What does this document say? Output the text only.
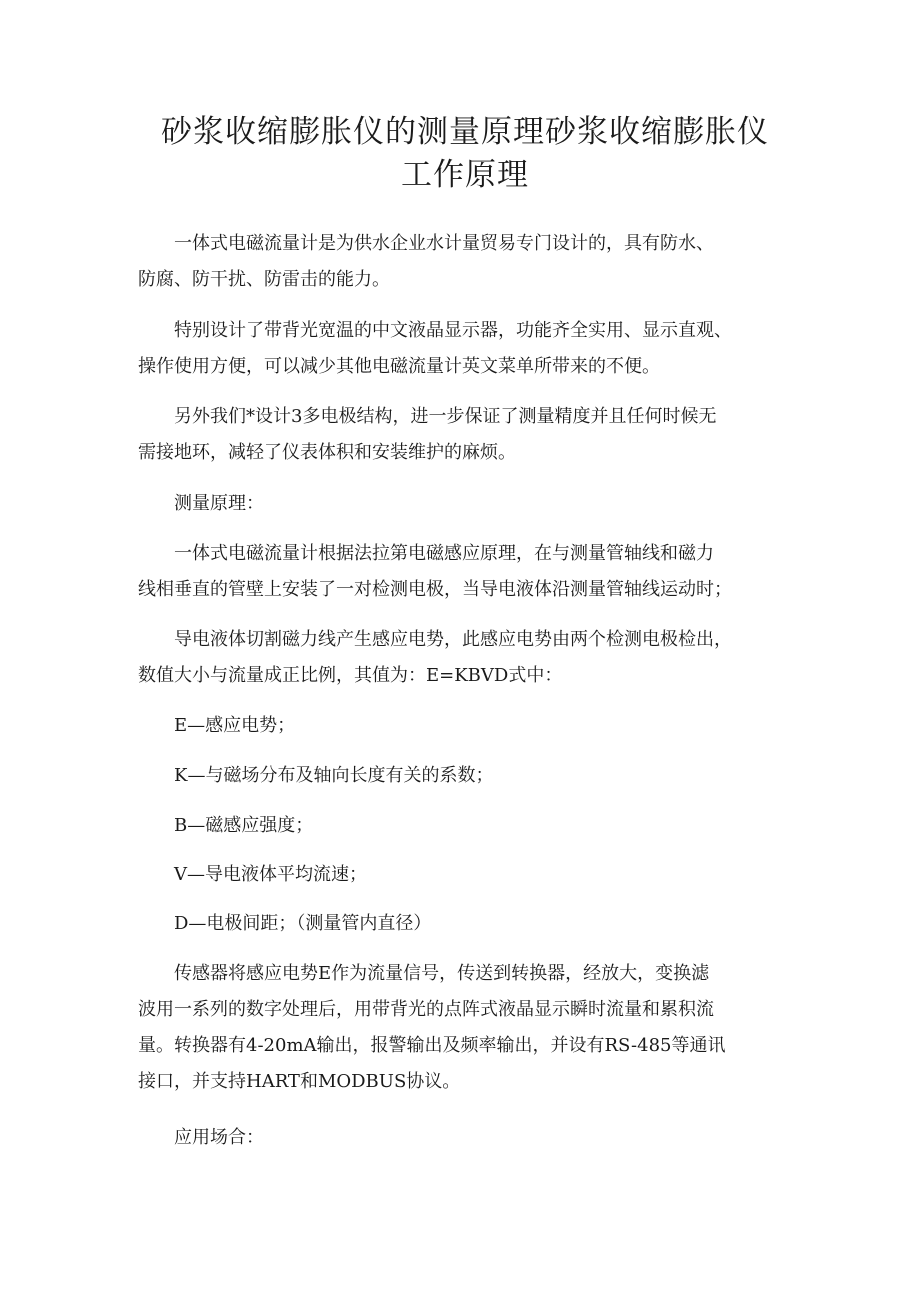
砂浆收缩膨胀仪的测量原理砂浆收缩膨胀仪
工作原理

　　一体式电磁流量计是为供水企业水计量贸易专门设计的，具有防水、
防腐、防干扰、防雷击的能力。

　　特别设计了带背光宽温的中文液晶显示器，功能齐全实用、显示直观、
操作使用方便，可以减少其他电磁流量计英文菜单所带来的不便。

　　另外我们*设计3多电极结构，进一步保证了测量精度并且任何时候无
需接地环，减轻了仪表体积和安装维护的麻烦。

　　测量原理：

　　一体式电磁流量计根据法拉第电磁感应原理，在与测量管轴线和磁力
线相垂直的管壁上安装了一对检测电极，当导电液体沿测量管轴线运动时；

　　导电液体切割磁力线产生感应电势，此感应电势由两个检测电极检出，
数值大小与流量成正比例，其值为：E=KBVD式中：

　　E—感应电势；

　　K—与磁场分布及轴向长度有关的系数；

　　B—磁感应强度；

　　V—导电液体平均流速；

　　D—电极间距；（测量管内直径）

　　传感器将感应电势E作为流量信号，传送到转换器，经放大，变换滤
波用一系列的数字处理后，用带背光的点阵式液晶显示瞬时流量和累积流
量。转换器有4-20mA输出，报警输出及频率输出，并设有RS-485等通讯
接口，并支持HART和MODBUS协议。

　　应用场合：
